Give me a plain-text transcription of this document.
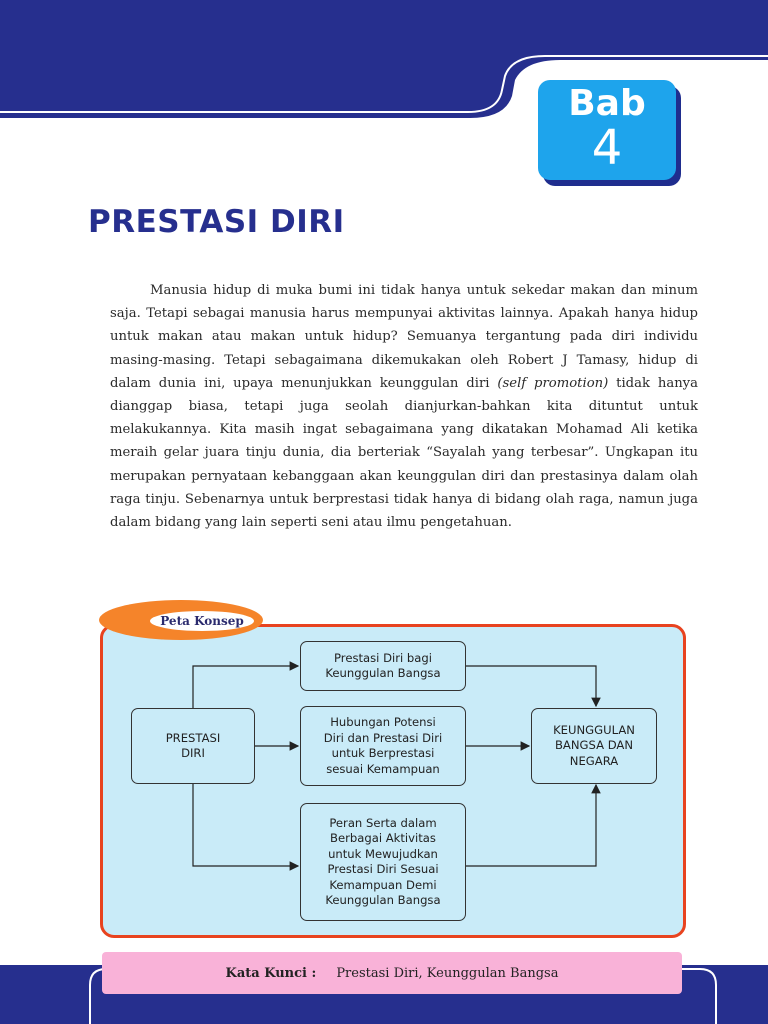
Bab
4
PRESTASI DIRI

Manusia hidup di muka bumi ini tidak hanya untuk sekedar makan dan minum saja. Tetapi sebagai manusia harus mempunyai aktivitas lainnya. Apakah hanya hidup untuk makan atau makan untuk hidup? Semuanya tergantung pada diri individu masing-masing. Tetapi sebagaimana dikemukakan oleh Robert J Tamasy, hidup di dalam dunia ini, upaya menunjukkan keunggulan diri (self promotion) tidak hanya dianggap biasa, tetapi juga seolah dianjurkan-bahkan kita dituntut untuk melakukannya. Kita masih ingat sebagaimana yang dikatakan Mohamad Ali ketika meraih gelar juara tinju dunia, dia berteriak “Sayalah yang terbesar”. Ungkapan itu merupakan pernyataan kebanggaan akan keunggulan diri dan prestasinya dalam olah raga tinju. Sebenarnya untuk berprestasi tidak hanya di bidang olah raga, namun juga dalam bidang yang lain seperti seni atau ilmu pengetahuan.

Peta Konsep
PRESTASI
DIRI
Prestasi Diri bagi
Keunggulan Bangsa
Hubungan Potensi
Diri dan Prestasi Diri
untuk Berprestasi
sesuai Kemampuan
Peran Serta dalam
Berbagai Aktivitas
untuk Mewujudkan
Prestasi Diri Sesuai
Kemampuan Demi
Keunggulan Bangsa
KEUNGGULAN
BANGSA DAN
NEGARA
Kata Kunci : Prestasi Diri, Keunggulan Bangsa
